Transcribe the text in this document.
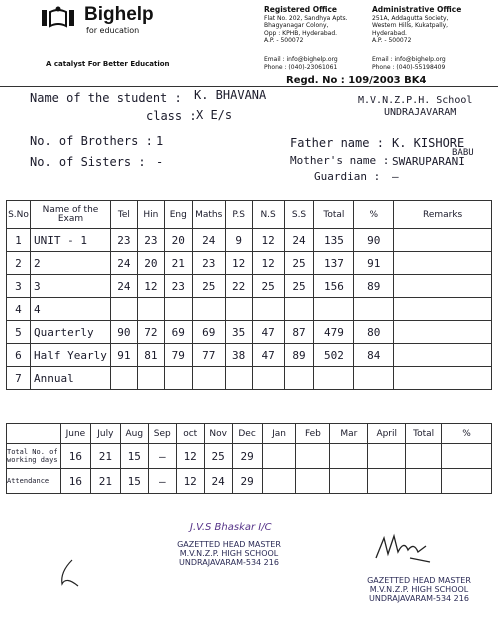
Bighelp
for education
A catalyst For Better Education
Registered Office
Flat No. 202, Sandhya Apts.
Bhagyanagar Colony,
Opp : KPHB, Hyderabad.
A.P. - 500072
Administrative Office
251A, Addagutta Society,
Western Hills, Kukatpally,
Hyderabad.
A.P. - 500072
Email : info@bighelp.org
Phone : (040)-23061061
Email : info@bighelp.org
Phone : (040)-55198409
Regd. No : 109/2003 BK4
Name of the student : K. BHAVANA
class : X E/s
M.V.N.Z.P.H. School
UNDRAJAVARAM
No. of Brothers : 1
No. of Sisters : -
Father name : K. KISHORE
BABU
Mother's name : SWARUPARANI
Guardian : —
S.No	Name of the Exam	Tel	Hin	Eng	Maths	P.S	N.S	S.S	Total	%	Remarks
1	UNIT - 1	23	23	20	24	9	12	24	135	90	
2	2	24	20	21	23	12	12	25	137	91	
3	3	24	12	23	25	22	25	25	156	89	
4	4										
5	Quarterly	90	72	69	69	35	47	87	479	80	
6	Half Yearly	91	81	79	77	38	47	89	502	84	
7	Annual										
	June	July	Aug	Sep	oct	Nov	Dec	Jan	Feb	Mar	April	Total	%
Total No. of working days	16	21	15	—	12	25	29						
Attendance	16	21	15	—	12	24	29						
J.V.S Bhaskar I/C
GAZETTED HEAD MASTER
M.V.N.Z.P. HIGH SCHOOL
UNDRAJAVARAM-534 216
GAZETTED HEAD MASTER
M.V.N.Z.P. HIGH SCHOOL
UNDRAJAVARAM-534 216
